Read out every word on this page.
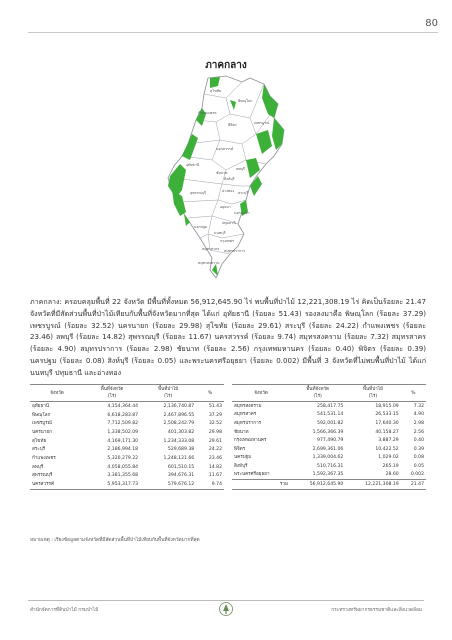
80
ภาคกลาง
สุโขทัย
พิษณุโลก
กำแพงเพชร
พิจิตร	เพชรบูรณ์
นครสวรรค์
อุทัยธานี
ชัยนาท
ลพบุรี
สิงห์บุรี
สุพรรณบุรี	อ่างทอง สระบุรี
อยุธยา
นครนายก
ปทุมธานี
นครปฐม
นนทบุรี
กรุงเทพฯ
สมุทรสาคร สมุทรปราการ
สมุทรสงคราม
ภาคกลาง: ครอบคลุมพื้นที่ 22 จังหวัด มีพื้นที่ทั้งหมด 56,912,645.90 ไร่ พบพื้นที่ป่าไม้ 12,221,308.19 ไร่ คิดเป็นร้อยละ 21.47 จังหวัดที่มีสัดส่วนพื้นที่ป่าไม้เทียบกับพื้นที่จังหวัดมากที่สุด ได้แก่ อุทัยธานี (ร้อยละ 51.43) รองลงมาคือ พิษณุโลก (ร้อยละ 37.29) เพชรบูรณ์ (ร้อยละ 32.52) นครนายก (ร้อยละ 29.98) สุโขทัย (ร้อยละ 29.61) สระบุรี (ร้อยละ 24.22) กำแพงเพชร (ร้อยละ 23.46) ลพบุรี (ร้อยละ 14.82) สุพรรณบุรี (ร้อยละ 11.67) นครสวรรค์ (ร้อยละ 9.74) สมุทรสงคราม (ร้อยละ 7.32) สมุทรสาคร (ร้อยละ 4.90) สมุทรปราการ (ร้อยละ 2.98) ชัยนาท (ร้อยละ 2.56) กรุงเทพมหานคร (ร้อยละ 0.40) พิจิตร (ร้อยละ 0.39) นครปฐม (ร้อยละ 0.08) สิงห์บุรี (ร้อยละ 0.05) และพระนครศรีอยุธยา (ร้อยละ 0.002) มีพื้นที่ 3 จังหวัดที่ไม่พบพื้นที่ป่าไม้ ได้แก่ นนทบุรี ปทุมธานี และอ่างทอง
จังหวัด	พื้นที่จังหวัด
(ไร่)	พื้นที่ป่าไม้
(ไร่)	%
อุทัยธานี	4,154,364.44	2,136,740.87	51.43
พิษณุโลก	6,618,283.87	2,467,896.55	37.29
เพชรบูรณ์	7,712,509.82	2,508,242.79	32.52
นครนายก	1,338,502.09	401,303.82	29.98
สุโขทัย	4,169,171.30	1,234,333.08	29.61
สระบุรี	2,186,994.18	529,689.38	24.22
กำแพงเพชร	5,320,279.22	1,248,121.66	23.46
ลพบุรี	4,058,055.84	601,510.15	14.82
สุพรรณบุรี	3,381,355.68	394,676.31	11.67
นครสวรรค์	5,953,317.73	579,676.12	9.74
จังหวัด	พื้นที่จังหวัด
(ไร่)	พื้นที่ป่าไม้
(ไร่)	%
สมุทรสงคราม	258,417.75	18,915.09	7.32
สมุทรสาคร	541,531.14	26,533.15	4.90
สมุทรปราการ	592,001.82	17,640.30	2.98
ชัยนาท	1,566,366.39	40,158.27	2.56
กรุงเทพมหานคร	977,490.79	3,887.29	0.40
พิจิตร	2,699,361.06	10,422.52	0.39
นครปฐม	1,339,004.62	1,029.02	0.08
สิงห์บุรี	510,716.31	265.19	0.05
พระนครศรีอยุธยา	1,592,367.35	28.60	0.002
รวม	56,912,645.90	12,221,308.19	21.47
หมายเหตุ : เรียงข้อมูลตามจังหวัดที่มีสัดส่วนพื้นที่ป่าไม้เทียบกับพื้นที่จังหวัดมากที่สุด
สำนักจัดการที่ดินป่าไม้ กรมป่าไม้	กระทรวงทรัพยากรธรรมชาติและสิ่งแวดล้อม
